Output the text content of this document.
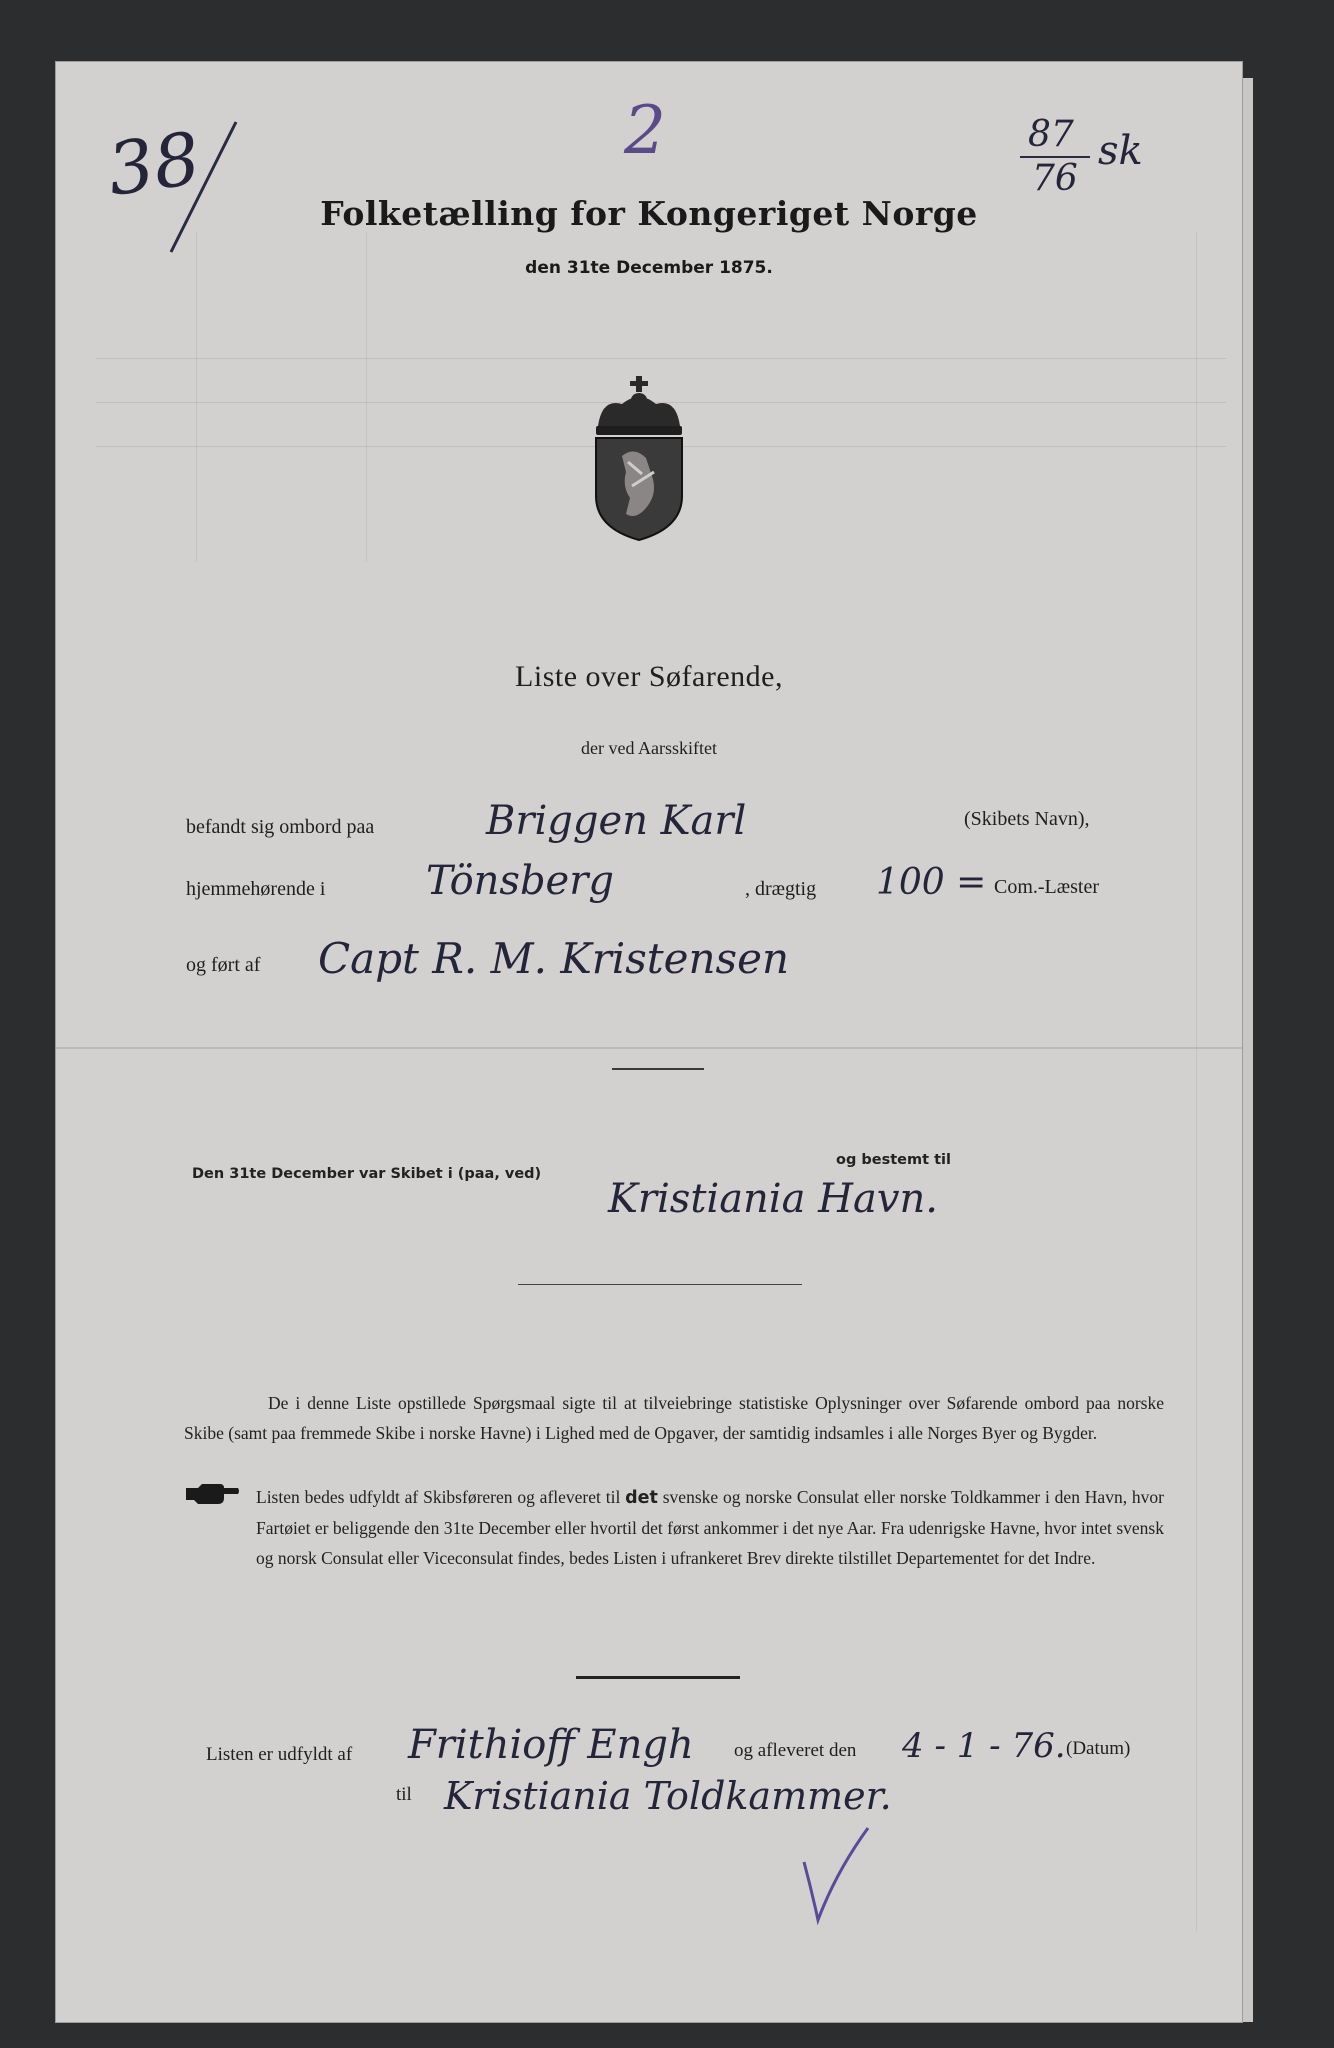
38	2	87
76
sk
Folketælling for Kongeriget Norge
den 31te December 1875.
Liste over Søfarende,
der ved Aarsskiftet
befandt sig ombord paa	Briggen Karl	(Skibets Navn),
hjemmehørende i	Tönsberg	, drægtig 100 = Com.-Læster
og ført af Capt R. M. Kristensen
Den 31te December var Skibet i (paa, ved)
og bestemt til
Kristiania Havn.
De i denne Liste opstillede Spørgsmaal sigte til at tilveiebringe statistiske Oplysninger over Søfarende ombord paa norske Skibe (samt paa fremmede Skibe i norske Havne) i Lighed med de Opgaver, der samtidig indsamles i alle Norges Byer og Bygder.
Listen bedes udfyldt af Skibsføreren og afleveret til det svenske og norske Consulat eller norske Toldkammer i den Havn, hvor Fartøiet er beliggende den 31te December eller hvortil det først ankommer i det nye Aar. Fra udenrigske Havne, hvor intet svensk og norsk Consulat eller Viceconsulat findes, bedes Listen i ufrankeret Brev direkte tilstillet Departementet for det Indre.
Listen er udfyldt af Frithioff Engh og afleveret den 4 - 1 - 76. (Datum)
til Kristiania Toldkammer.
